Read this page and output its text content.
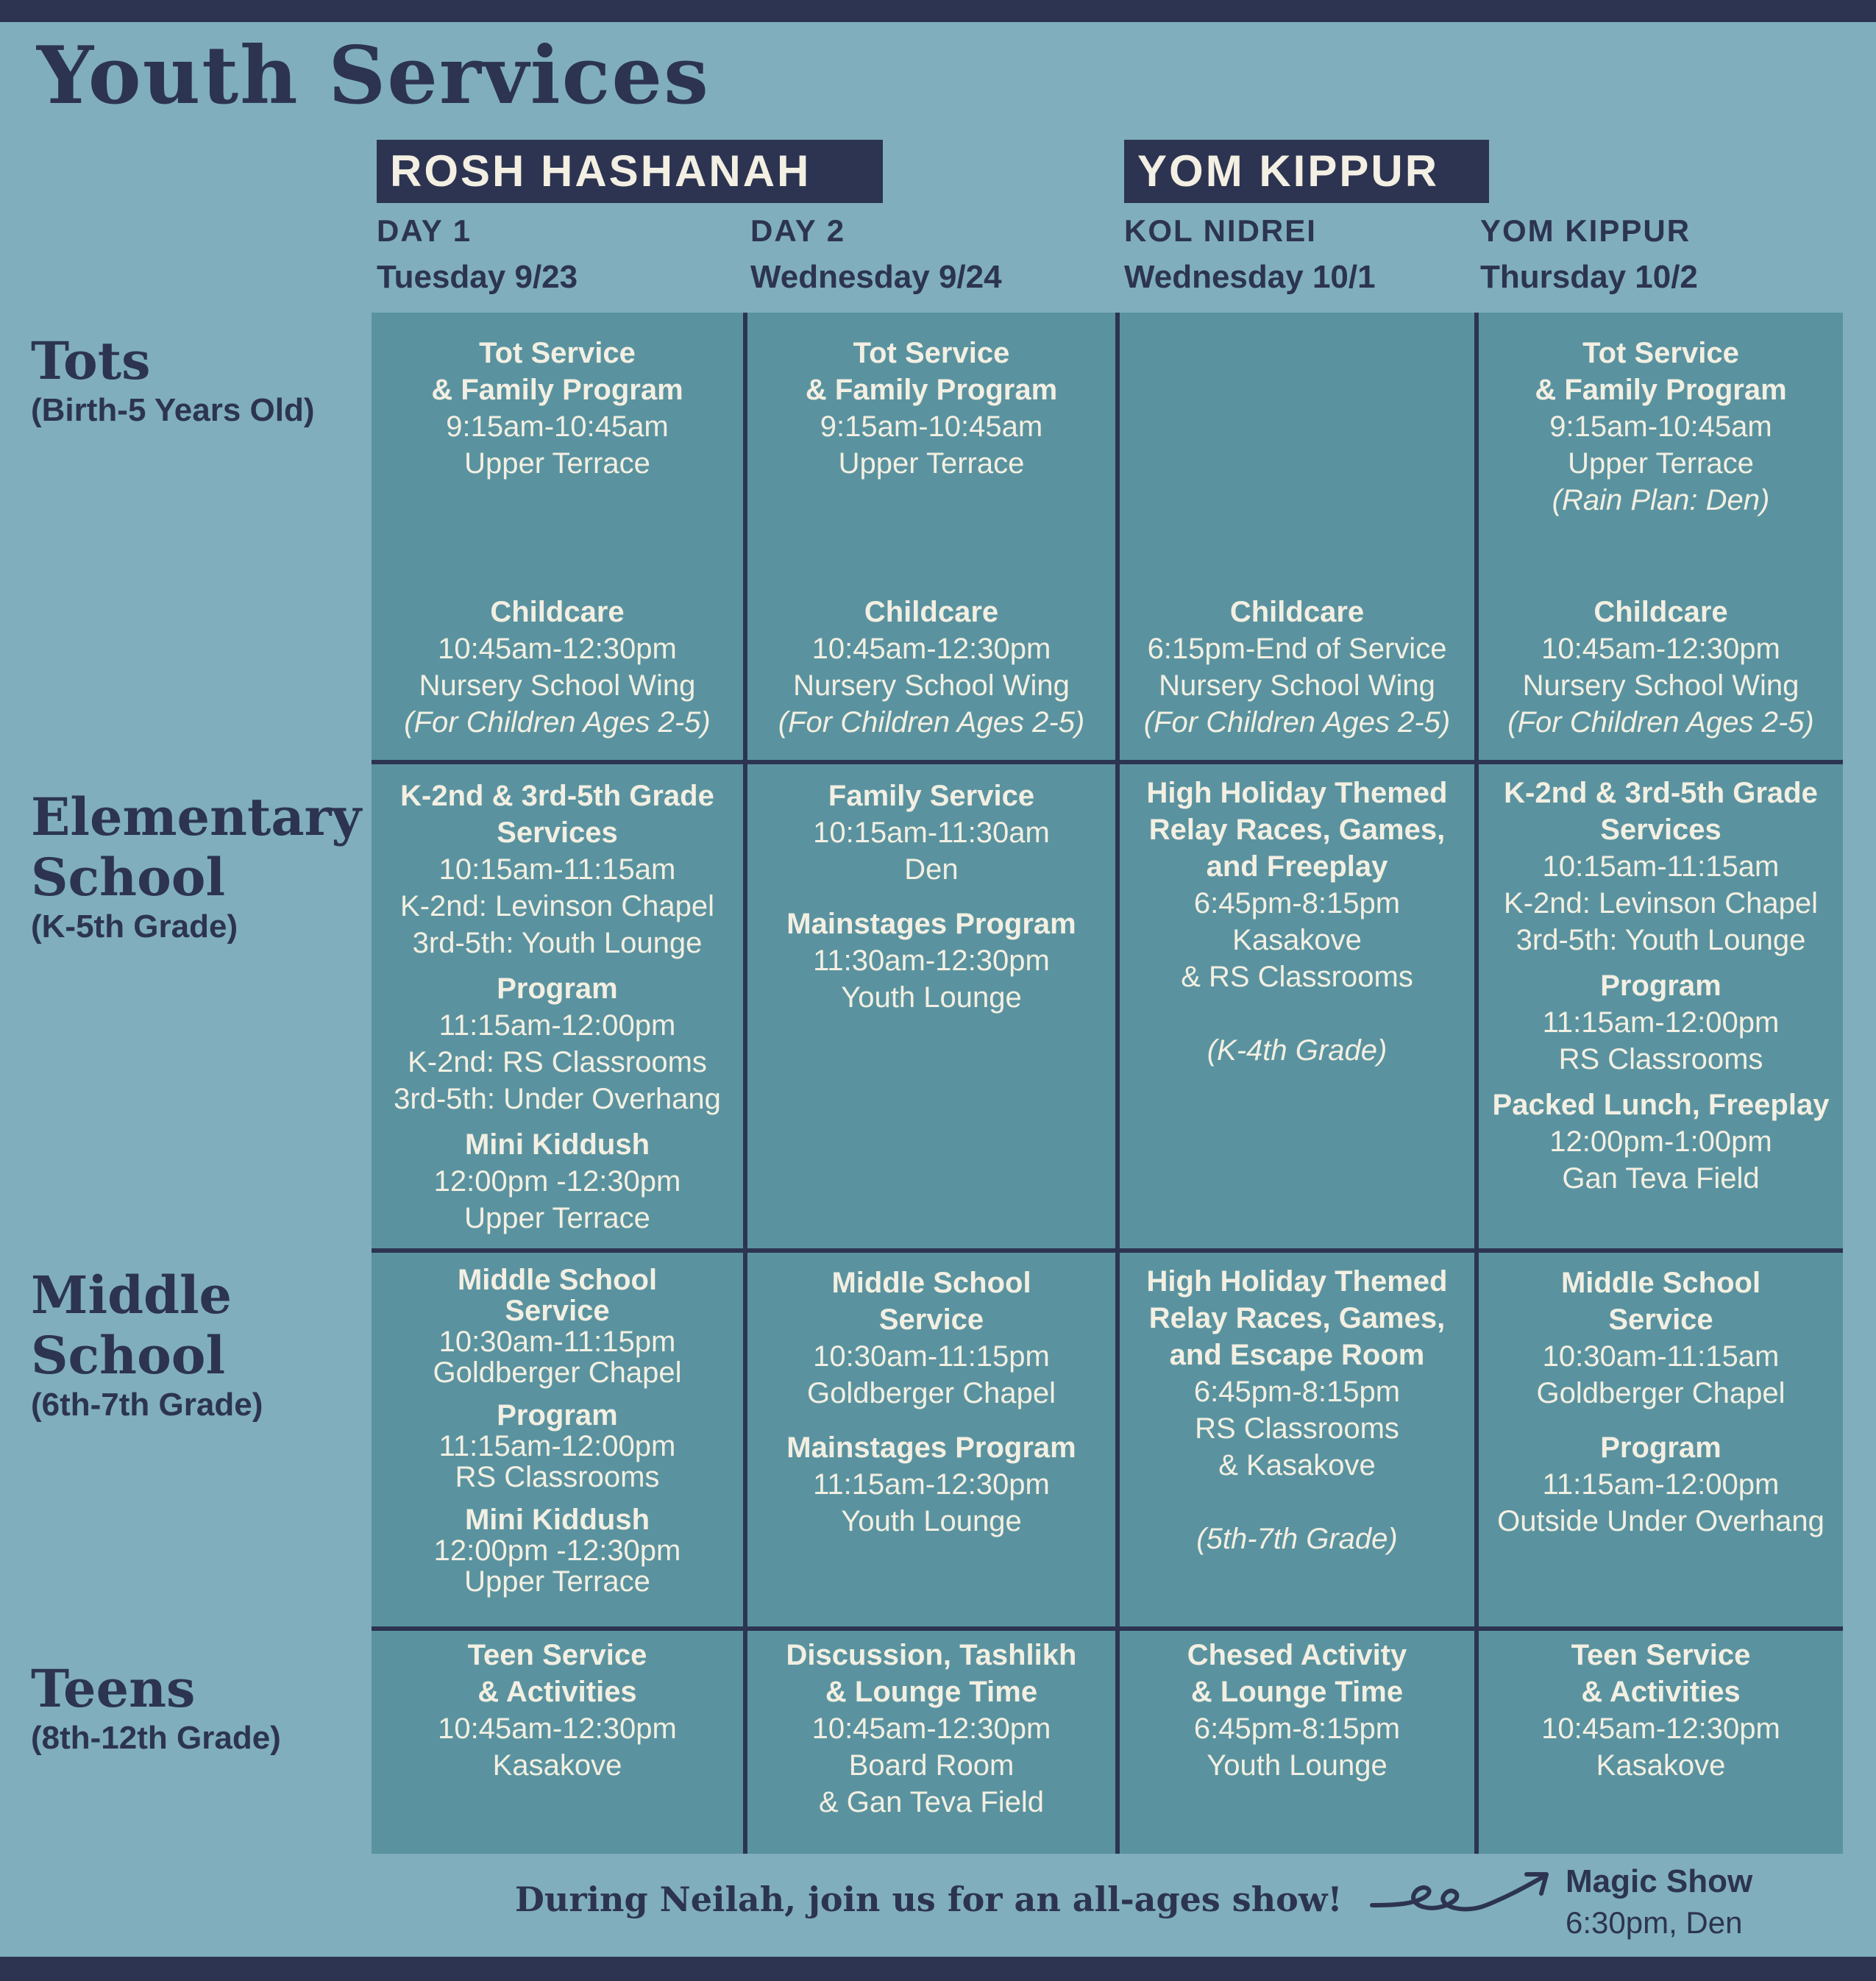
Youth Services
ROSH HASHANAH	YOM KIPPUR
DAY 1
Tuesday 9/23
DAY 2
Wednesday 9/24
KOL NIDREI
Wednesday 10/1
YOM KIPPUR
Thursday 10/2
Tots
(Birth-5 Years Old)
Elementary School
(K-5th Grade)
Middle School
(6th-7th Grade)
Teens
(8th-12th Grade)
Tot Service
& Family Program
9:15am-10:45am
Upper Terrace
Childcare
10:45am-12:30pm
Nursery School Wing
(For Children Ages 2-5)
Tot Service
& Family Program
9:15am-10:45am
Upper Terrace
Childcare
10:45am-12:30pm
Nursery School Wing
(For Children Ages 2-5)
Childcare
6:15pm-End of Service
Nursery School Wing
(For Children Ages 2-5)
Tot Service
& Family Program
9:15am-10:45am
Upper Terrace
(Rain Plan: Den)
Childcare
10:45am-12:30pm
Nursery School Wing
(For Children Ages 2-5)
K-2nd & 3rd-5th Grade
Services
10:15am-11:15am
K-2nd: Levinson Chapel
3rd-5th: Youth Lounge
Program
11:15am-12:00pm
K-2nd: RS Classrooms
3rd-5th: Under Overhang
Mini Kiddush
12:00pm -12:30pm
Upper Terrace
Family Service
10:15am-11:30am
Den
Mainstages Program
11:30am-12:30pm
Youth Lounge
High Holiday Themed
Relay Races, Games,
and Freeplay
6:45pm-8:15pm
Kasakove
& RS Classrooms
(K-4th Grade)
K-2nd & 3rd-5th Grade
Services
10:15am-11:15am
K-2nd: Levinson Chapel
3rd-5th: Youth Lounge
Program
11:15am-12:00pm
RS Classrooms
Packed Lunch, Freeplay
12:00pm-1:00pm
Gan Teva Field
Middle School
Service
10:30am-11:15pm
Goldberger Chapel
Program
11:15am-12:00pm
RS Classrooms
Mini Kiddush
12:00pm -12:30pm
Upper Terrace
Middle School
Service
10:30am-11:15pm
Goldberger Chapel
Mainstages Program
11:15am-12:30pm
Youth Lounge
High Holiday Themed
Relay Races, Games,
and Escape Room
6:45pm-8:15pm
RS Classrooms
& Kasakove
(5th-7th Grade)
Middle School
Service
10:30am-11:15am
Goldberger Chapel
Program
11:15am-12:00pm
Outside Under Overhang
Teen Service
& Activities
10:45am-12:30pm
Kasakove
Discussion, Tashlikh
& Lounge Time
10:45am-12:30pm
Board Room
& Gan Teva Field
Chesed Activity
& Lounge Time
6:45pm-8:15pm
Youth Lounge
Teen Service
& Activities
10:45am-12:30pm
Kasakove
During Neilah, join us for an all-ages show!	Magic Show
6:30pm, Den
